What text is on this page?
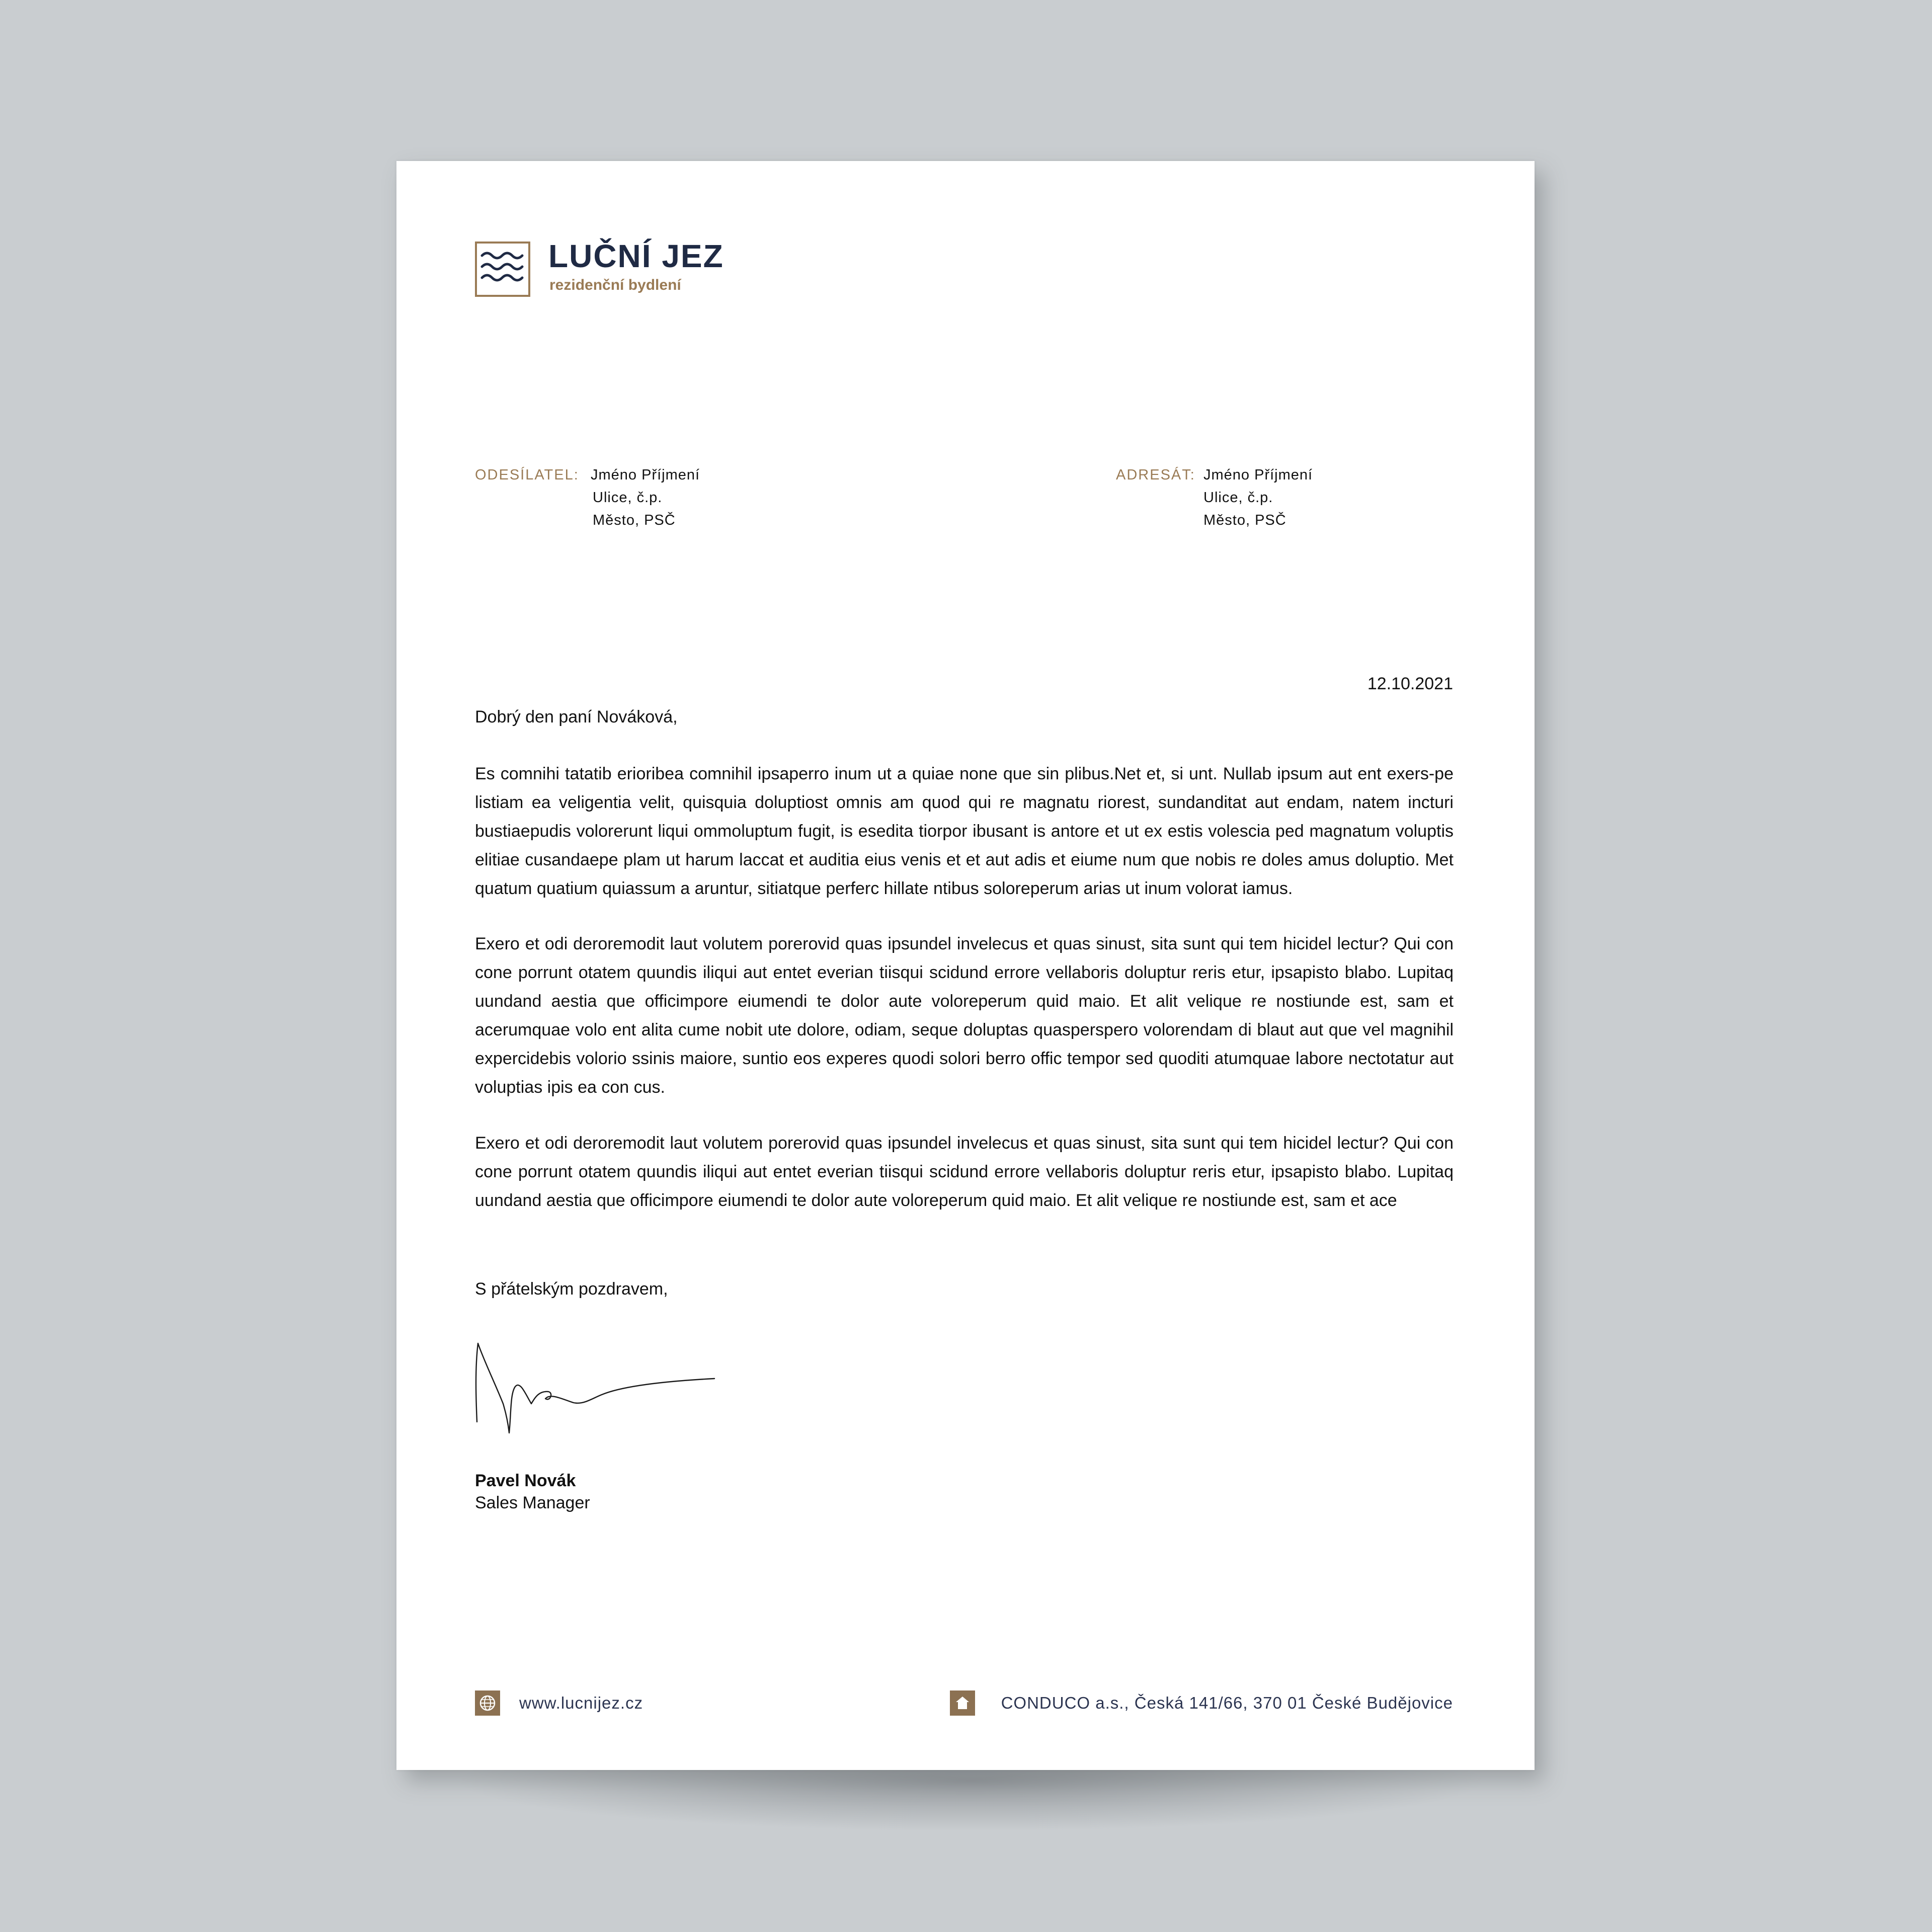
LUČNÍ JEZ
rezidenční bydlení
ODESÍLATEL: Jméno Příjmení
Ulice, č.p.
Město, PSČ
ADRESÁT: Jméno Příjmení
Ulice, č.p.
Město, PSČ
12.10.2021
Dobrý den paní Nováková,

Es comnihi tatatib erioribea comnihil ipsaperro inum ut a quiae none que sin plibus.Net et, si unt. Nullab ipsum aut ent exers-pe listiam ea veligentia velit, quisquia doluptiost omnis am quod qui re magnatu riorest, sundanditat aut endam, natem incturi bustiaepudis volorerunt liqui ommoluptum fugit, is esedita tiorpor ibusant is antore et ut ex estis volescia ped magnatum voluptis elitiae cusandaepe plam ut harum laccat et auditia eius venis et et aut adis et eiume num que nobis re doles amus doluptio. Met quatum quatium quiassum a aruntur, sitiatque perferc hillate ntibus soloreperum arias ut inum volorat iamus.

Exero et odi deroremodit laut volutem porerovid quas ipsundel invelecus et quas sinust, sita sunt qui tem hicidel lectur? Qui con cone porrunt otatem quundis iliqui aut entet everian tiisqui scidund errore vellaboris doluptur reris etur, ipsapisto blabo. Lupitaq uundand aestia que officimpore eiumendi te dolor aute voloreperum quid maio. Et alit velique re nostiunde est, sam et acerumquae volo ent alita cume nobit ute dolore, odiam, seque doluptas quasperspero volorendam di blaut aut que vel magnihil expercidebis volorio ssinis maiore, suntio eos experes quodi solori berro offic tempor sed quoditi atumquae labore nectotatur aut voluptias ipis ea con cus.

Exero et odi deroremodit laut volutem porerovid quas ipsundel invelecus et quas sinust, sita sunt qui tem hicidel lectur? Qui con cone porrunt otatem quundis iliqui aut entet everian tiisqui scidund errore vellaboris doluptur reris etur, ipsapisto blabo. Lupitaq uundand aestia que officimpore eiumendi te dolor aute voloreperum quid maio. Et alit velique re nostiunde est, sam et ace

S přátelským pozdravem,
Pavel Novák
Sales Manager
www.lucnijez.cz	CONDUCO a.s., Česká 141/66, 370 01 České Budějovice
